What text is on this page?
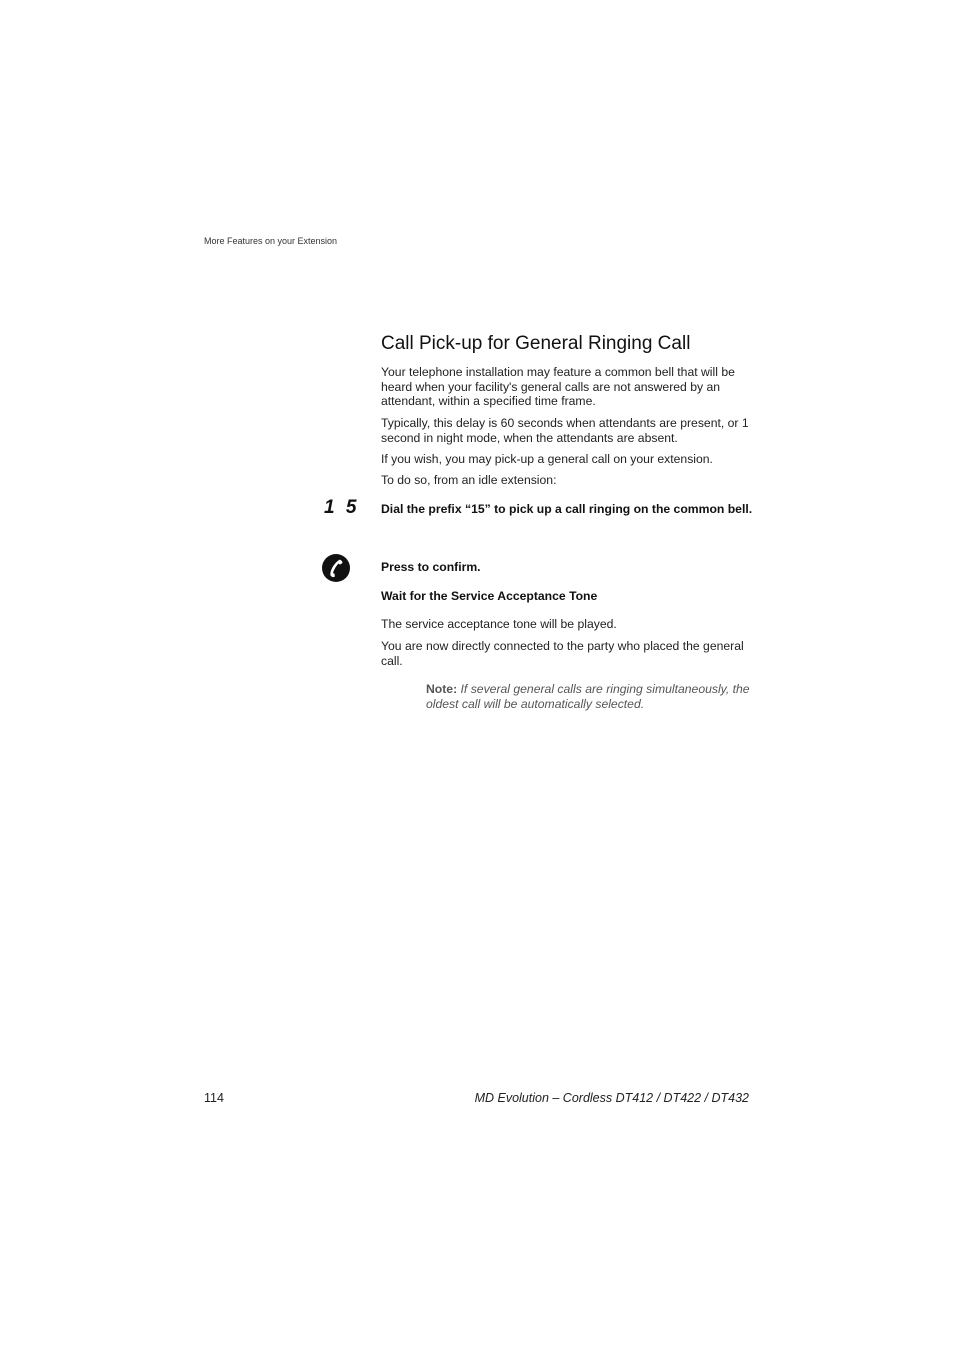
More Features on your Extension
Call Pick-up for General Ringing Call

Your telephone installation may feature a common bell that will be heard when your facility's general calls are not answered by an attendant, within a specified time frame.

Typically, this delay is 60 seconds when attendants are present, or 1 second in night mode, when the attendants are absent.

If you wish, you may pick-up a general call on your extension.

To do so, from an idle extension:

1 5 Dial the prefix “15” to pick up a call ringing on the common bell.

Press to confirm.

Wait for the Service Acceptance Tone

The service acceptance tone will be played.

You are now directly connected to the party who placed the general call.

Note: If several general calls are ringing simultaneously, the oldest call will be automatically selected.

114	MD Evolution – Cordless DT412 / DT422 / DT432
